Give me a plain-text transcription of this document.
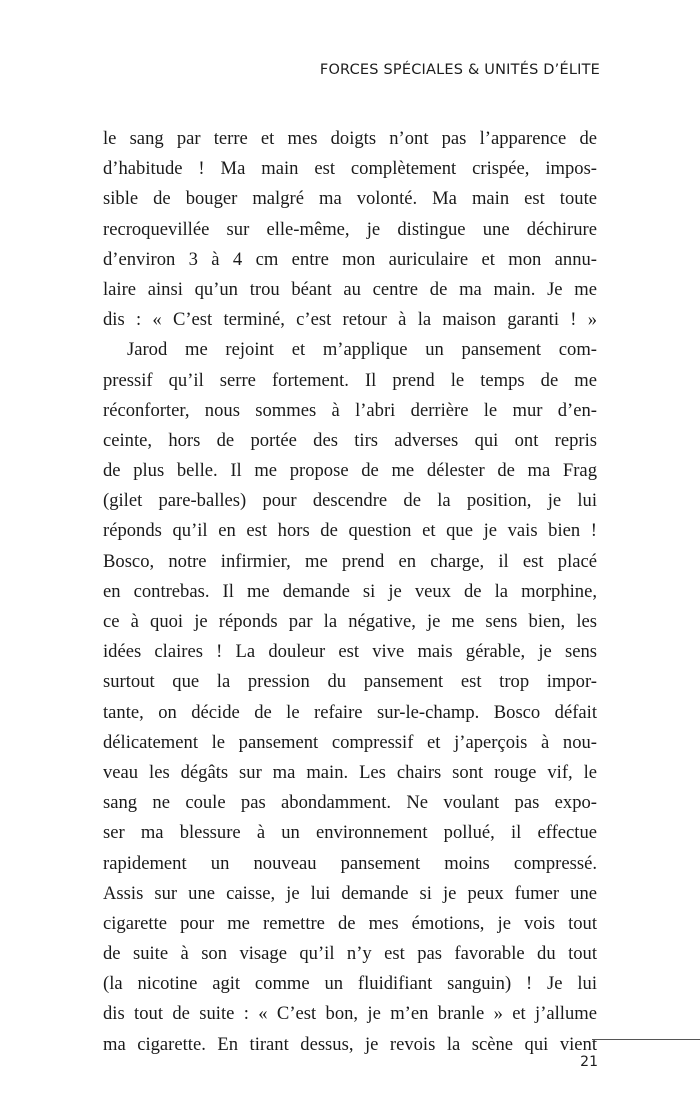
FORCES SPÉCIALES & UNITÉS D’ÉLITE
le sang par terre et mes doigts n’ont pas l’apparence de
d’habitude ! Ma main est complètement crispée, impos-
sible de bouger malgré ma volonté. Ma main est toute
recroquevillée sur elle-même, je distingue une déchirure
d’environ 3 à 4 cm entre mon auriculaire et mon annu-
laire ainsi qu’un trou béant au centre de ma main. Je me
dis : « C’est terminé, c’est retour à la maison garanti ! »
Jarod me rejoint et m’applique un pansement com-
pressif qu’il serre fortement. Il prend le temps de me
réconforter, nous sommes à l’abri derrière le mur d’en-
ceinte, hors de portée des tirs adverses qui ont repris
de plus belle. Il me propose de me délester de ma Frag
(gilet pare-balles) pour descendre de la position, je lui
réponds qu’il en est hors de question et que je vais bien !
Bosco, notre infirmier, me prend en charge, il est placé
en contrebas. Il me demande si je veux de la morphine,
ce à quoi je réponds par la négative, je me sens bien, les
idées claires ! La douleur est vive mais gérable, je sens
surtout que la pression du pansement est trop impor-
tante, on décide de le refaire sur-le-champ. Bosco défait
délicatement le pansement compressif et j’aperçois à nou-
veau les dégâts sur ma main. Les chairs sont rouge vif, le
sang ne coule pas abondamment. Ne voulant pas expo-
ser ma blessure à un environnement pollué, il effectue
rapidement un nouveau pansement moins compressé.
Assis sur une caisse, je lui demande si je peux fumer une
cigarette pour me remettre de mes émotions, je vois tout
de suite à son visage qu’il n’y est pas favorable du tout
(la nicotine agit comme un fluidifiant sanguin) ! Je lui
dis tout de suite : « C’est bon, je m’en branle » et j’allume
ma cigarette. En tirant dessus, je revois la scène qui vient
21
